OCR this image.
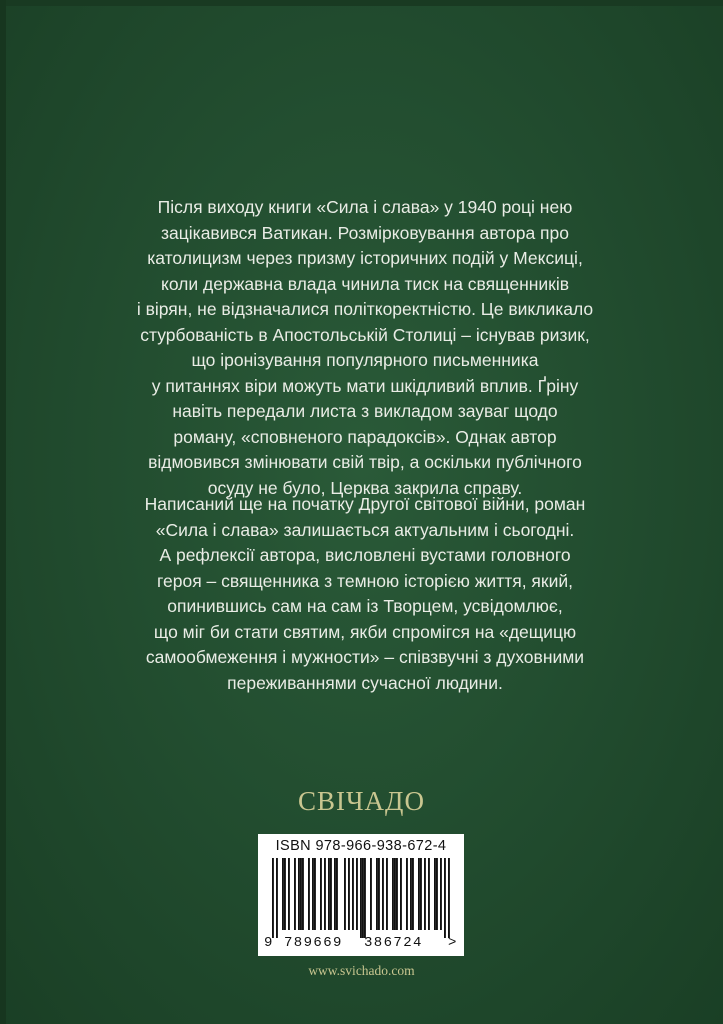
Після виходу книги «Сила і слава» у 1940 році нею
зацікавився Ватикан. Розмірковування автора про
католицизм через призму історичних подій у Мексиці,
коли державна влада чинила тиск на священників
і вірян, не відзначалися політкоректністю. Це викликало
стурбованість в Апостольській Столиці – існував ризик,
що іронізування популярного письменника
у питаннях віри можуть мати шкідливий вплив. Ґріну
навіть передали листа з викладом зауваг щодо
роману, «сповненого парадоксів». Однак автор
відмовився змінювати свій твір, а оскільки публічного
осуду не було, Церква закрила справу.
Написаний ще на початку Другої світової війни, роман
«Сила і слава» залишається актуальним і сьогодні.
А рефлексії автора, висловлені вустами головного
героя – священника з темною історією життя, який,
опинившись сам на сам із Творцем, усвідомлює,
що міг би стати святим, якби спромігся на «дещицю
самообмеження і мужности» – співзвучні з духовними
переживаннями сучасної людини.
СВІЧАДО
ISBN 978-966-938-672-4
9 789669 386724 >
www.svichado.com
